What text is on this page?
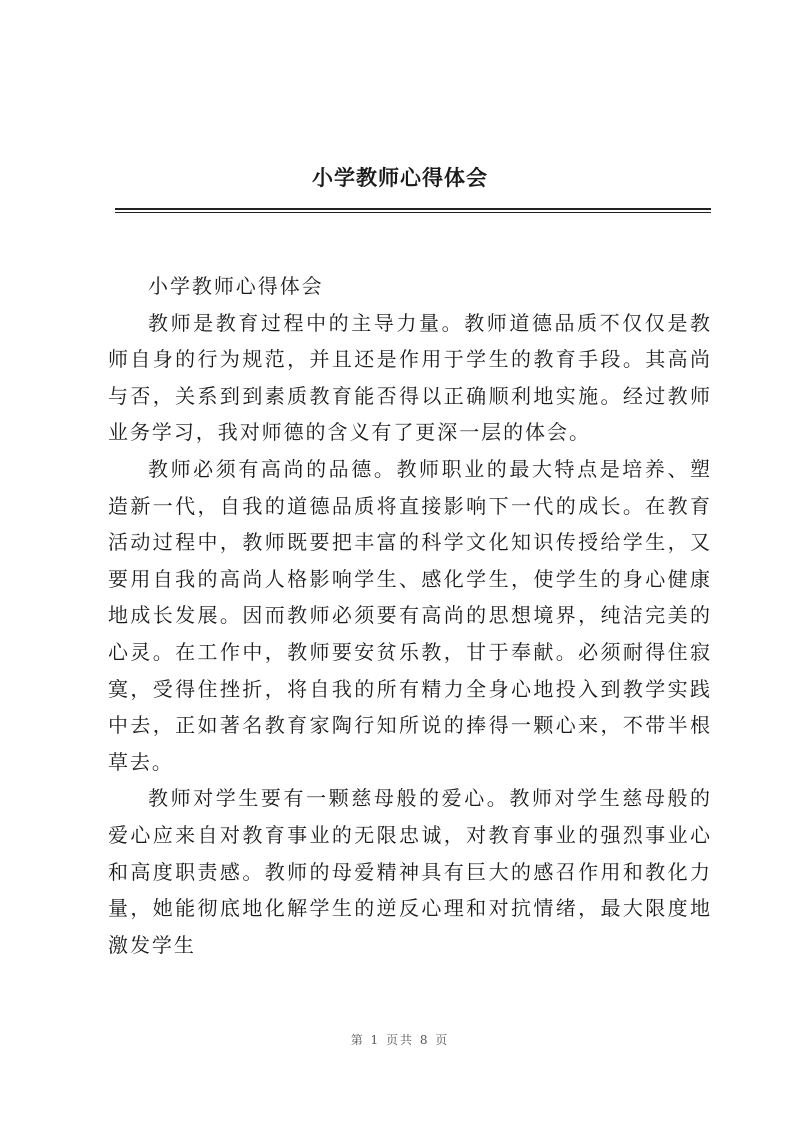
小学教师心得体会

小学教师心得体会

教师是教育过程中的主导力量。教师道德品质不仅仅是教师自身的行为规范，并且还是作用于学生的教育手段。其高尚与否，关系到到素质教育能否得以正确顺利地实施。经过教师业务学习，我对师德的含义有了更深一层的体会。

教师必须有高尚的品德。教师职业的最大特点是培养、塑造新一代，自我的道德品质将直接影响下一代的成长。在教育活动过程中，教师既要把丰富的科学文化知识传授给学生，又要用自我的高尚人格影响学生、感化学生，使学生的身心健康地成长发展。因而教师必须要有高尚的思想境界，纯洁完美的心灵。在工作中，教师要安贫乐教，甘于奉献。必须耐得住寂寞，受得住挫折，将自我的所有精力全身心地投入到教学实践中去，正如著名教育家陶行知所说的捧得一颗心来，不带半根草去。

教师对学生要有一颗慈母般的爱心。教师对学生慈母般的爱心应来自对教育事业的无限忠诚，对教育事业的强烈事业心和高度职责感。教师的母爱精神具有巨大的感召作用和教化力量，她能彻底地化解学生的逆反心理和对抗情绪，最大限度地激发学生

第 1 页共 8 页
